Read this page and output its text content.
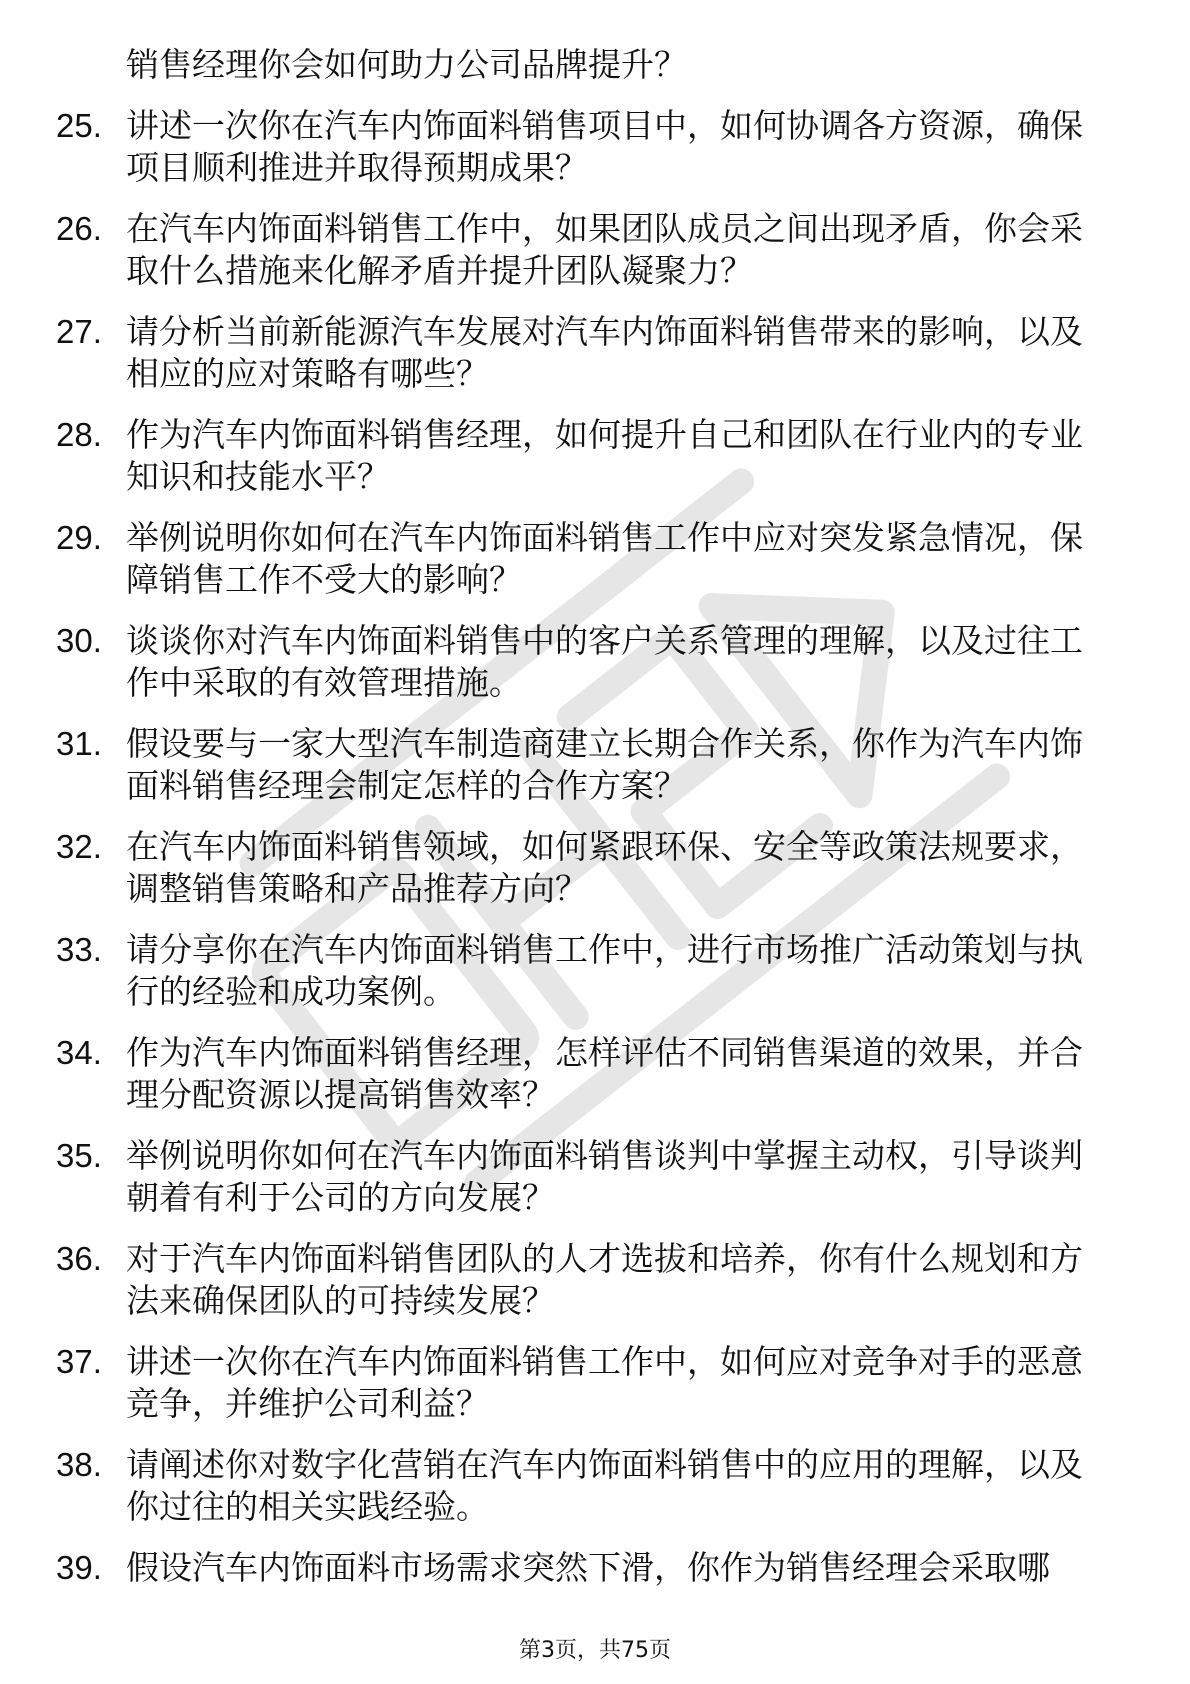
销售经理你会如何助力公司品牌提升？
25. 讲述一次你在汽车内饰面料销售项目中，如何协调各方资源，确保项目顺利推进并取得预期成果？
26. 在汽车内饰面料销售工作中，如果团队成员之间出现矛盾，你会采取什么措施来化解矛盾并提升团队凝聚力？
27. 请分析当前新能源汽车发展对汽车内饰面料销售带来的影响，以及相应的应对策略有哪些？
28. 作为汽车内饰面料销售经理，如何提升自己和团队在行业内的专业知识和技能水平？
29. 举例说明你如何在汽车内饰面料销售工作中应对突发紧急情况，保障销售工作不受大的影响？
30. 谈谈你对汽车内饰面料销售中的客户关系管理的理解，以及过往工作中采取的有效管理措施。
31. 假设要与一家大型汽车制造商建立长期合作关系，你作为汽车内饰面料销售经理会制定怎样的合作方案？
32. 在汽车内饰面料销售领域，如何紧跟环保、安全等政策法规要求，调整销售策略和产品推荐方向？
33. 请分享你在汽车内饰面料销售工作中，进行市场推广活动策划与执行的经验和成功案例。
34. 作为汽车内饰面料销售经理，怎样评估不同销售渠道的效果，并合理分配资源以提高销售效率？
35. 举例说明你如何在汽车内饰面料销售谈判中掌握主动权，引导谈判朝着有利于公司的方向发展？
36. 对于汽车内饰面料销售团队的人才选拔和培养，你有什么规划和方法来确保团队的可持续发展？
37. 讲述一次你在汽车内饰面料销售工作中，如何应对竞争对手的恶意竞争，并维护公司利益？
38. 请阐述你对数字化营销在汽车内饰面料销售中的应用的理解，以及你过往的相关实践经验。
39. 假设汽车内饰面料市场需求突然下滑，你作为销售经理会采取哪
第3页，共75页
